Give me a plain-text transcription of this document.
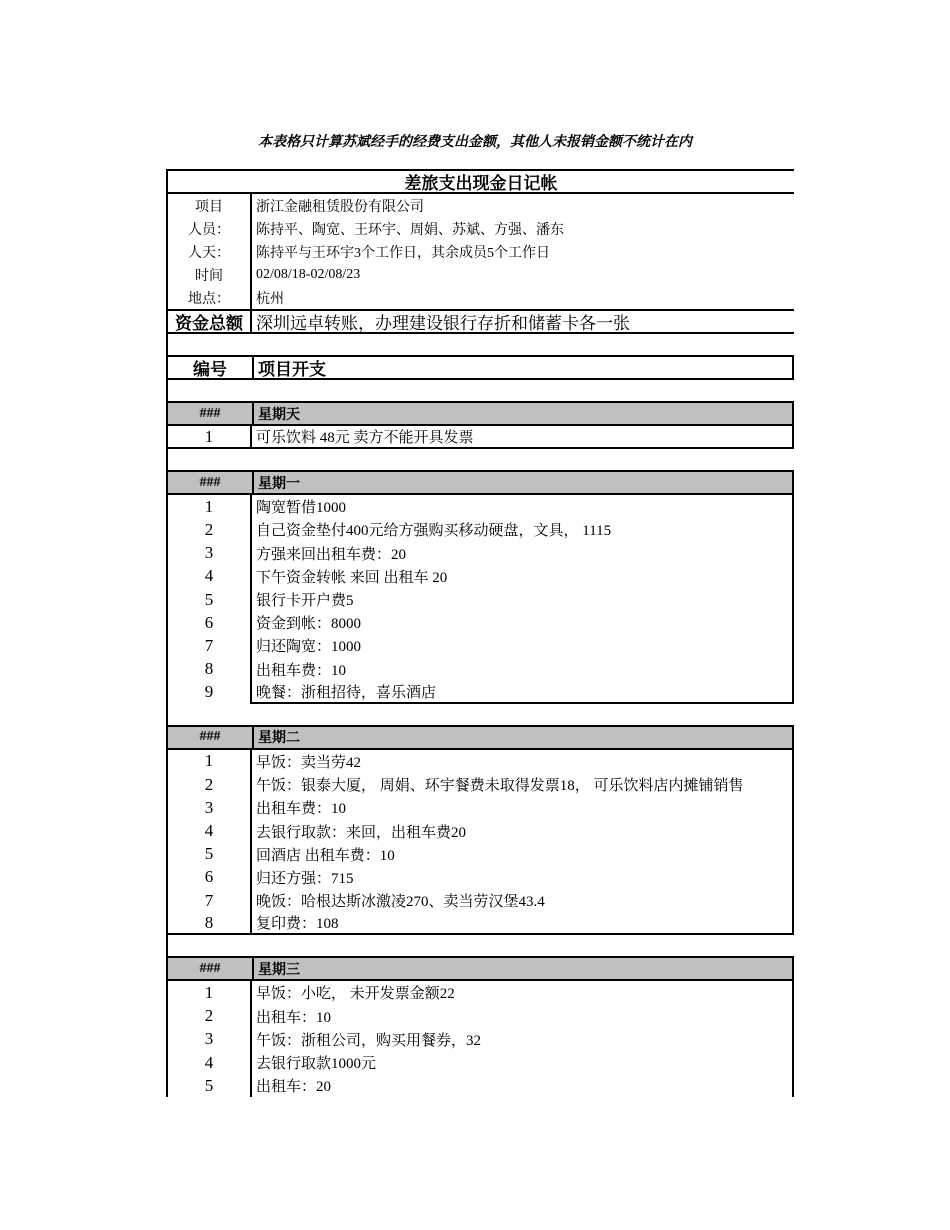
本表格只计算苏斌经手的经费支出金额，其他人未报销金额不统计在内
差旅支出现金日记帐
项目	浙江金融租赁股份有限公司
人员：	陈持平、陶宽、王环宇、周娟、苏斌、方强、潘东
人天：	陈持平与王环宇3个工作日，其余成员5个工作日
时间	02/08/18-02/08/23
地点：	杭州
资金总额 深圳远卓转账，办理建设银行存折和储蓄卡各一张
编号	项目开支
###	星期天
1	可乐饮料 48元 卖方不能开具发票
###	星期一
1	陶宽暂借1000
2	自己资金垫付400元给方强购买移动硬盘，文具， 1115
3	方强来回出租车费：20
4	下午资金转帐 来回 出租车 20
5	银行卡开户费5
6	资金到帐：8000
7	归还陶宽：1000
8	出租车费：10
9	晚餐：浙租招待，喜乐酒店
###	星期二
1	早饭：卖当劳42
2	午饭：银泰大厦， 周娟、环宇餐费未取得发票18， 可乐饮料店内摊铺销售
3	出租车费：10
4	去银行取款：来回，出租车费20
5	回酒店 出租车费：10
6	归还方强：715
7	晚饭：哈根达斯冰激凌270、卖当劳汉堡43.4
8	复印费：108
###	星期三
1	早饭：小吃， 未开发票金额22
2	出租车：10
3	午饭：浙租公司，购买用餐券，32
4	去银行取款1000元
5	出租车：20
